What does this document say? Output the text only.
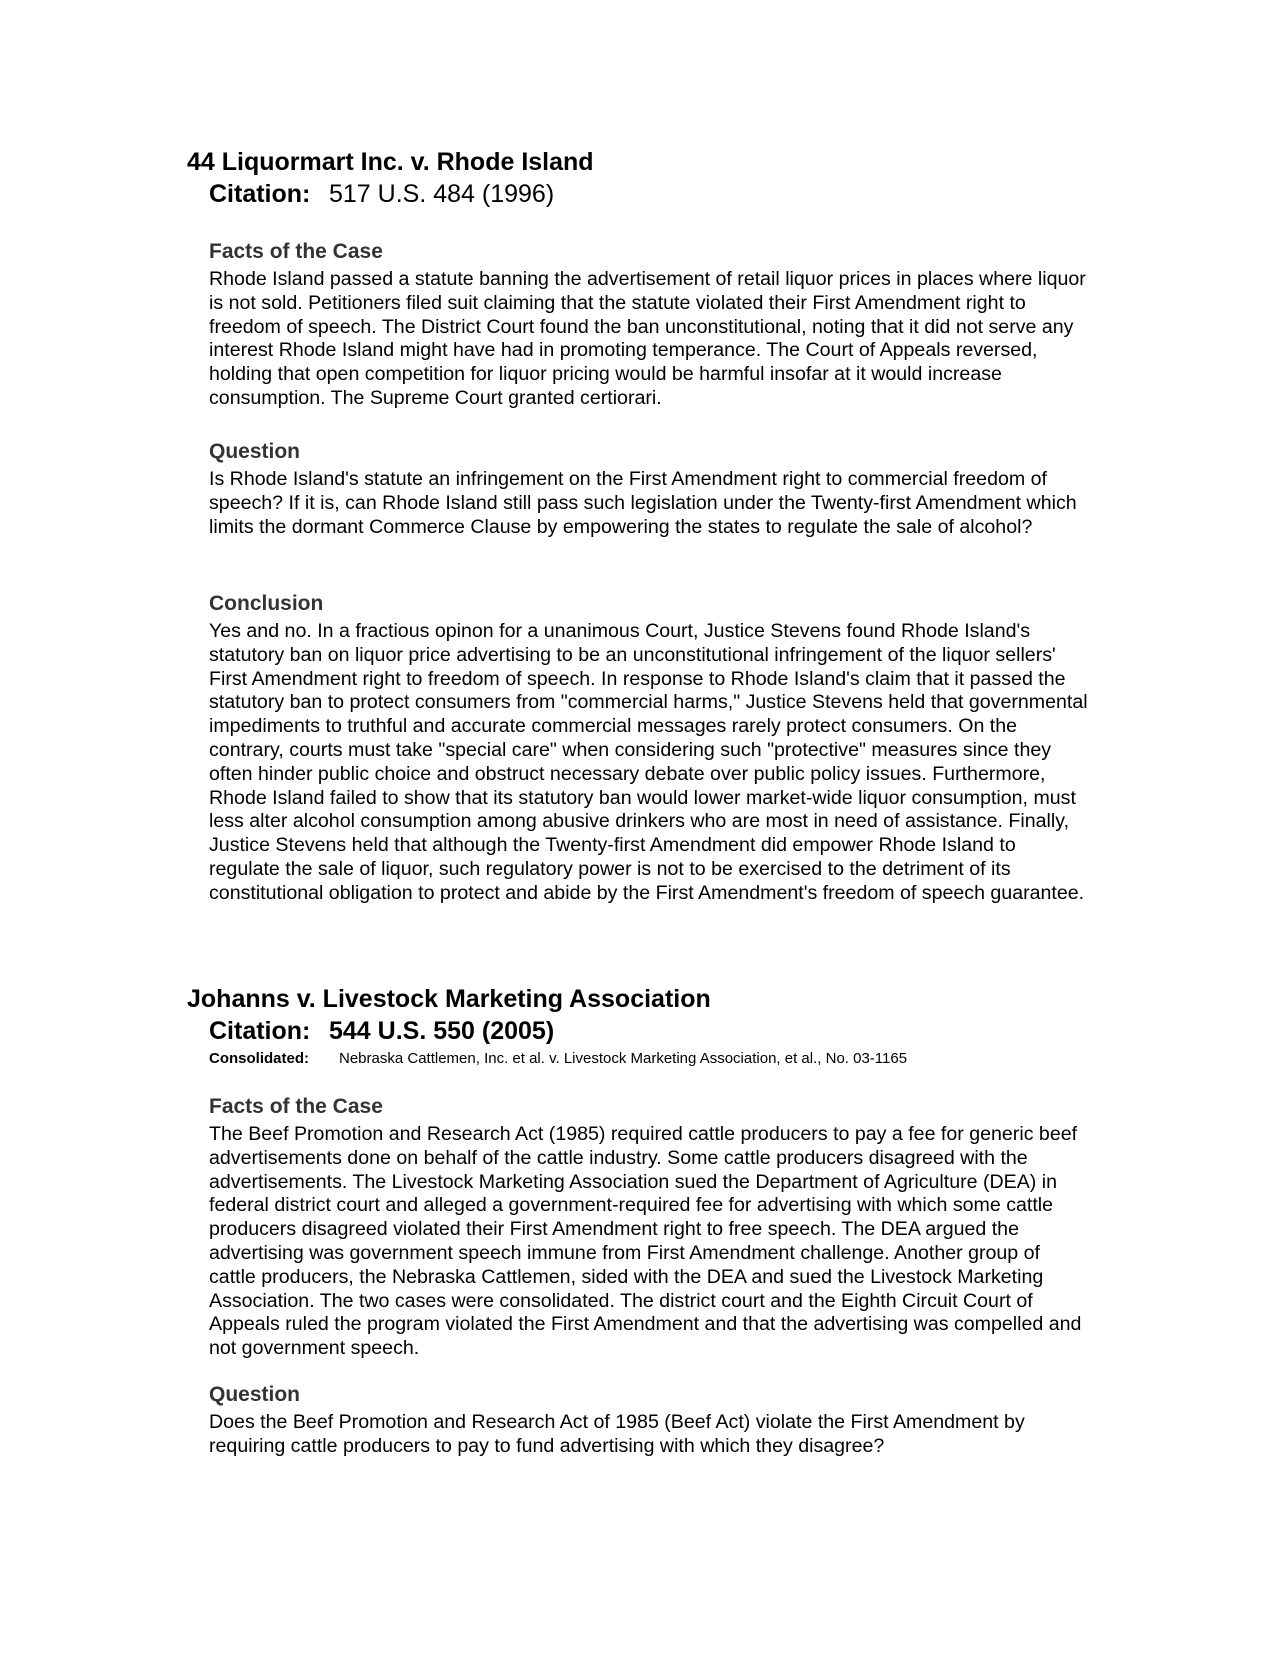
44 Liquormart Inc. v. Rhode Island

Citation: 517 U.S. 484 (1996)

Facts of the Case

Rhode Island passed a statute banning the advertisement of retail liquor prices in places where liquor is not sold. Petitioners filed suit claiming that the statute violated their First Amendment right to freedom of speech. The District Court found the ban unconstitutional, noting that it did not serve any interest Rhode Island might have had in promoting temperance. The Court of Appeals reversed, holding that open competition for liquor pricing would be harmful insofar at it would increase consumption. The Supreme Court granted certiorari.

Question

Is Rhode Island's statute an infringement on the First Amendment right to commercial freedom of speech? If it is, can Rhode Island still pass such legislation under the Twenty-first Amendment which limits the dormant Commerce Clause by empowering the states to regulate the sale of alcohol?

Conclusion

Yes and no. In a fractious opinon for a unanimous Court, Justice Stevens found Rhode Island's statutory ban on liquor price advertising to be an unconstitutional infringement of the liquor sellers' First Amendment right to freedom of speech. In response to Rhode Island's claim that it passed the statutory ban to protect consumers from "commercial harms," Justice Stevens held that governmental impediments to truthful and accurate commercial messages rarely protect consumers. On the contrary, courts must take "special care" when considering such "protective" measures since they often hinder public choice and obstruct necessary debate over public policy issues. Furthermore, Rhode Island failed to show that its statutory ban would lower market-wide liquor consumption, must less alter alcohol consumption among abusive drinkers who are most in need of assistance. Finally, Justice Stevens held that although the Twenty-first Amendment did empower Rhode Island to regulate the sale of liquor, such regulatory power is not to be exercised to the detriment of its constitutional obligation to protect and abide by the First Amendment's freedom of speech guarantee.

Johanns v. Livestock Marketing Association

Citation: 544 U.S. 550 (2005)

Consolidated: Nebraska Cattlemen, Inc. et al. v. Livestock Marketing Association, et al., No. 03-1165

Facts of the Case

The Beef Promotion and Research Act (1985) required cattle producers to pay a fee for generic beef advertisements done on behalf of the cattle industry. Some cattle producers disagreed with the advertisements. The Livestock Marketing Association sued the Department of Agriculture (DEA) in federal district court and alleged a government-required fee for advertising with which some cattle producers disagreed violated their First Amendment right to free speech. The DEA argued the advertising was government speech immune from First Amendment challenge. Another group of cattle producers, the Nebraska Cattlemen, sided with the DEA and sued the Livestock Marketing Association. The two cases were consolidated. The district court and the Eighth Circuit Court of Appeals ruled the program violated the First Amendment and that the advertising was compelled and not government speech.

Question

Does the Beef Promotion and Research Act of 1985 (Beef Act) violate the First Amendment by requiring cattle producers to pay to fund advertising with which they disagree?
